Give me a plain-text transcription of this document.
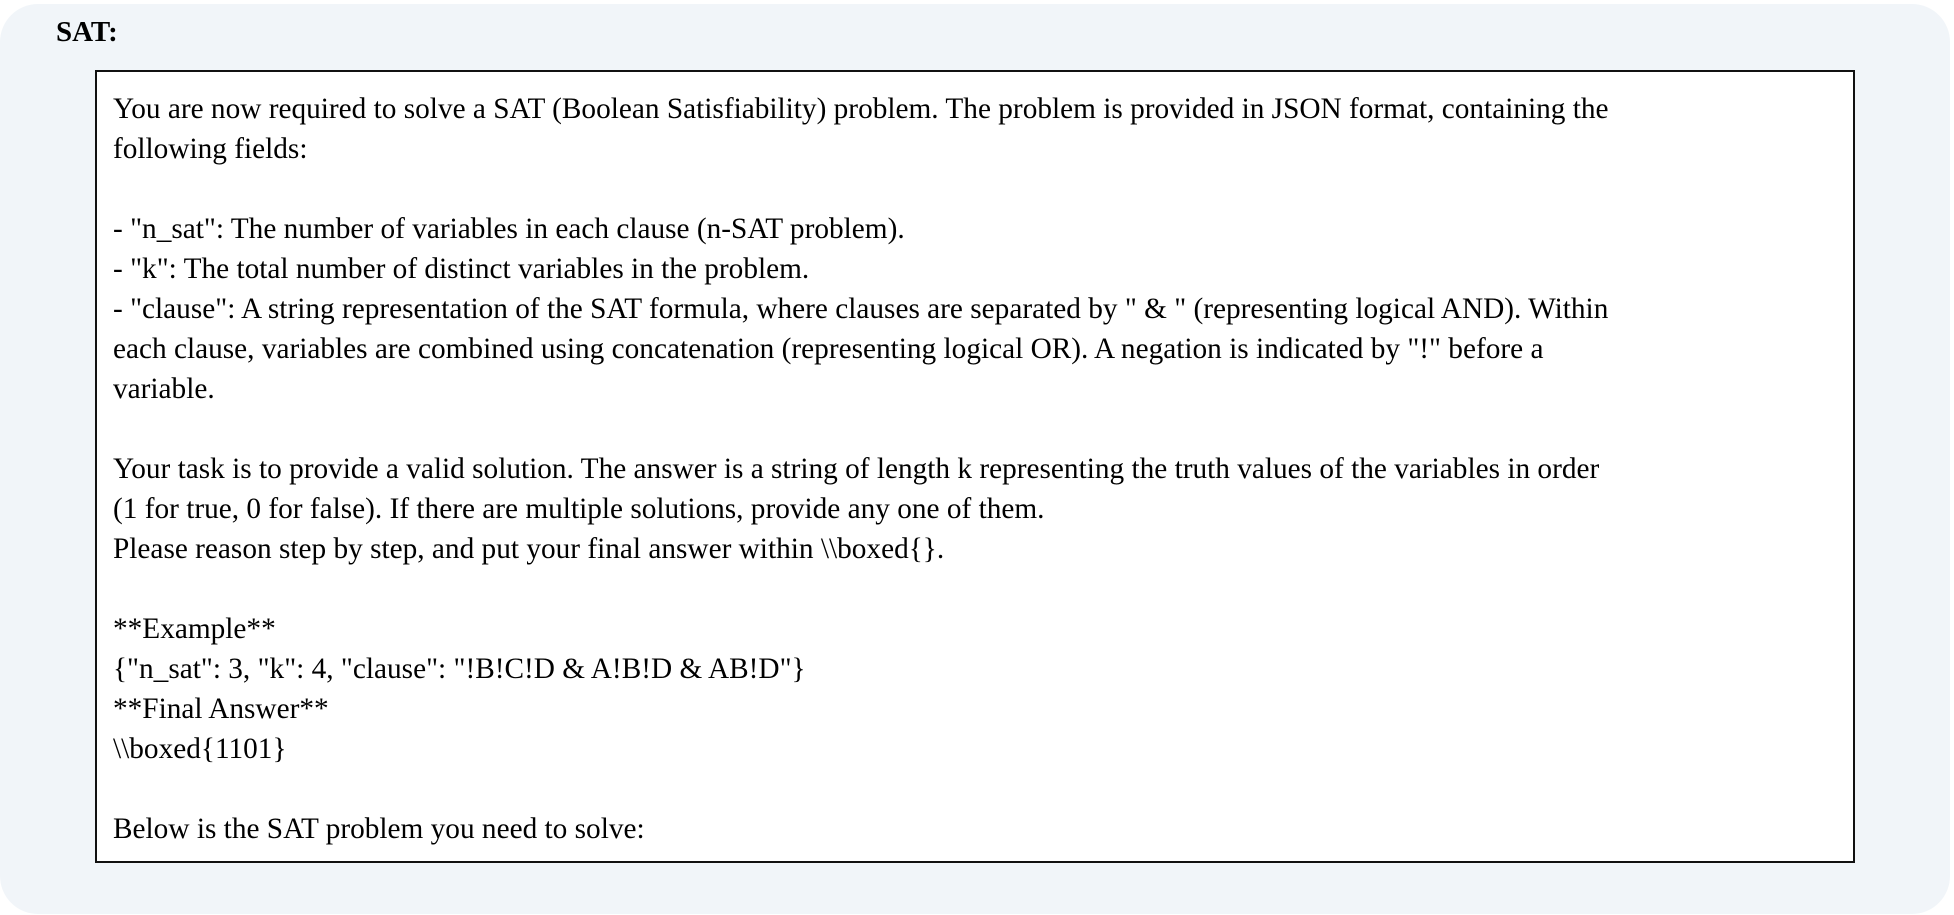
SAT:
You are now required to solve a SAT (Boolean Satisfiability) problem. The problem is provided in JSON format, containing the
following fields:
- "n_sat": The number of variables in each clause (n-SAT problem).
- "k": The total number of distinct variables in the problem.
- "clause": A string representation of the SAT formula, where clauses are separated by " & " (representing logical AND). Within
each clause, variables are combined using concatenation (representing logical OR). A negation is indicated by "!" before a
variable.
Your task is to provide a valid solution. The answer is a string of length k representing the truth values of the variables in order
(1 for true, 0 for false). If there are multiple solutions, provide any one of them.
Please reason step by step, and put your final answer within \\boxed{}.
**Example**
{"n_sat": 3, "k": 4, "clause": "!B!C!D & A!B!D & AB!D"}
**Final Answer**
\\boxed{1101}
Below is the SAT problem you need to solve:
